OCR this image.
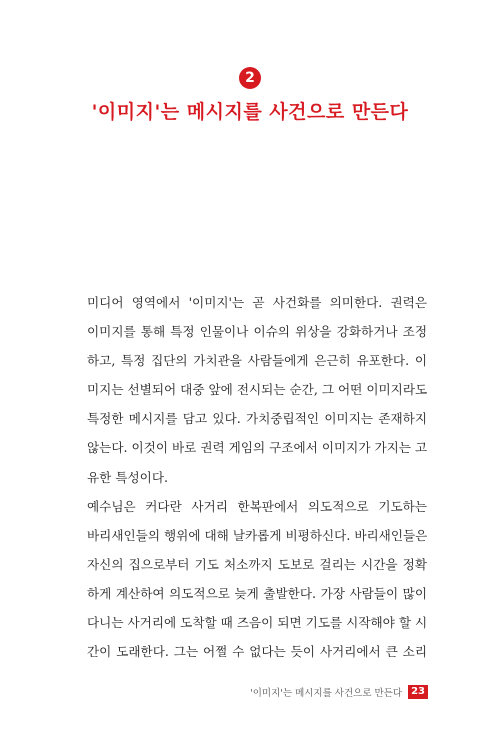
2
'이미지'는 메시지를 사건으로 만든다
미디어 영역에서 '이미지'는 곧 사건화를 의미한다. 권력은
이미지를 통해 특정 인물이나 이슈의 위상을 강화하거나 조정
하고, 특정 집단의 가치관을 사람들에게 은근히 유포한다. 이
미지는 선별되어 대중 앞에 전시되는 순간, 그 어떤 이미지라도
특정한 메시지를 담고 있다. 가치중립적인 이미지는 존재하지
않는다. 이것이 바로 권력 게임의 구조에서 이미지가 가지는 고
유한 특성이다.
예수님은 커다란 사거리 한복판에서 의도적으로 기도하는
바리새인들의 행위에 대해 날카롭게 비평하신다. 바리새인들은
자신의 집으로부터 기도 처소까지 도보로 걸리는 시간을 정확
하게 계산하여 의도적으로 늦게 출발한다. 가장 사람들이 많이
다니는 사거리에 도착할 때 즈음이 되면 기도를 시작해야 할 시
간이 도래한다. 그는 어쩔 수 없다는 듯이 사거리에서 큰 소리
'이미지'는 메시지를 사건으로 만든다 23
